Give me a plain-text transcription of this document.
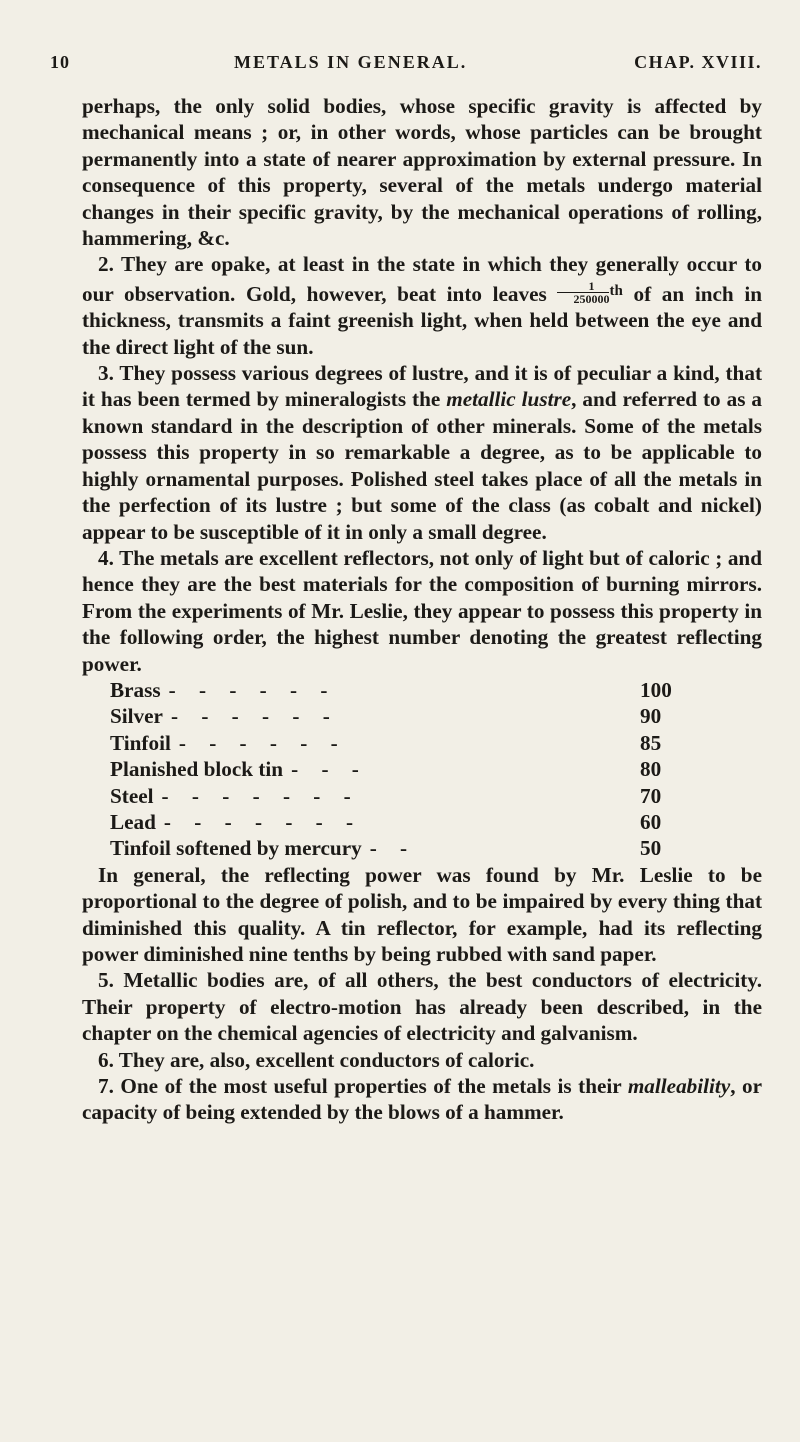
10	METALS IN GENERAL.	CHAP. XVIII.

perhaps, the only solid bodies, whose specific gravity is affected by mechanical means ; or, in other words, whose particles can be brought permanently into a state of nearer approximation by external pressure. In consequence of this property, several of the metals undergo material changes in their specific gravity, by the mechanical operations of rolling, hammering, &c.

2. They are opake, at least in the state in which they generally occur to our observation. Gold, however, beat into leaves $\frac{1}{250000} ^{th}$ of an inch in thickness, transmits a faint greenish light, when held between the eye and the direct light of the sun.

3. They possess various degrees of lustre, and it is of peculiar a kind, that it has been termed by mineralogists the metallic lustre, and referred to as a known standard in the description of other minerals. Some of the metals possess this property in so remarkable a degree, as to be applicable to highly ornamental purposes. Polished steel takes place of all the metals in the perfection of its lustre ; but some of the class (as cobalt and nickel) appear to be susceptible of it in only a small degree.

4. The metals are excellent reflectors, not only of light but of caloric ; and hence they are the best materials for the composition of burning mirrors. From the experiments of Mr. Leslie, they appear to possess this property in the following order, the highest number denoting the greatest reflecting power.

Brass - - - - - -	100
Silver - - - - - -	90
Tinfoil - - - - - -	85
Planished block tin - - -	80
Steel - - - - - - -	70
Lead - - - - - - -	60
Tinfoil softened by mercury - -	50

In general, the reflecting power was found by Mr. Leslie to be proportional to the degree of polish, and to be impaired by every thing that diminished this quality. A tin reflector, for example, had its reflecting power diminished nine tenths by being rubbed with sand paper.

5. Metallic bodies are, of all others, the best conductors of electricity. Their property of electro-motion has already been described, in the chapter on the chemical agencies of electricity and galvanism.

6. They are, also, excellent conductors of caloric.

7. One of the most useful properties of the metals is their malleability, or capacity of being extended by the blows of a hammer.
